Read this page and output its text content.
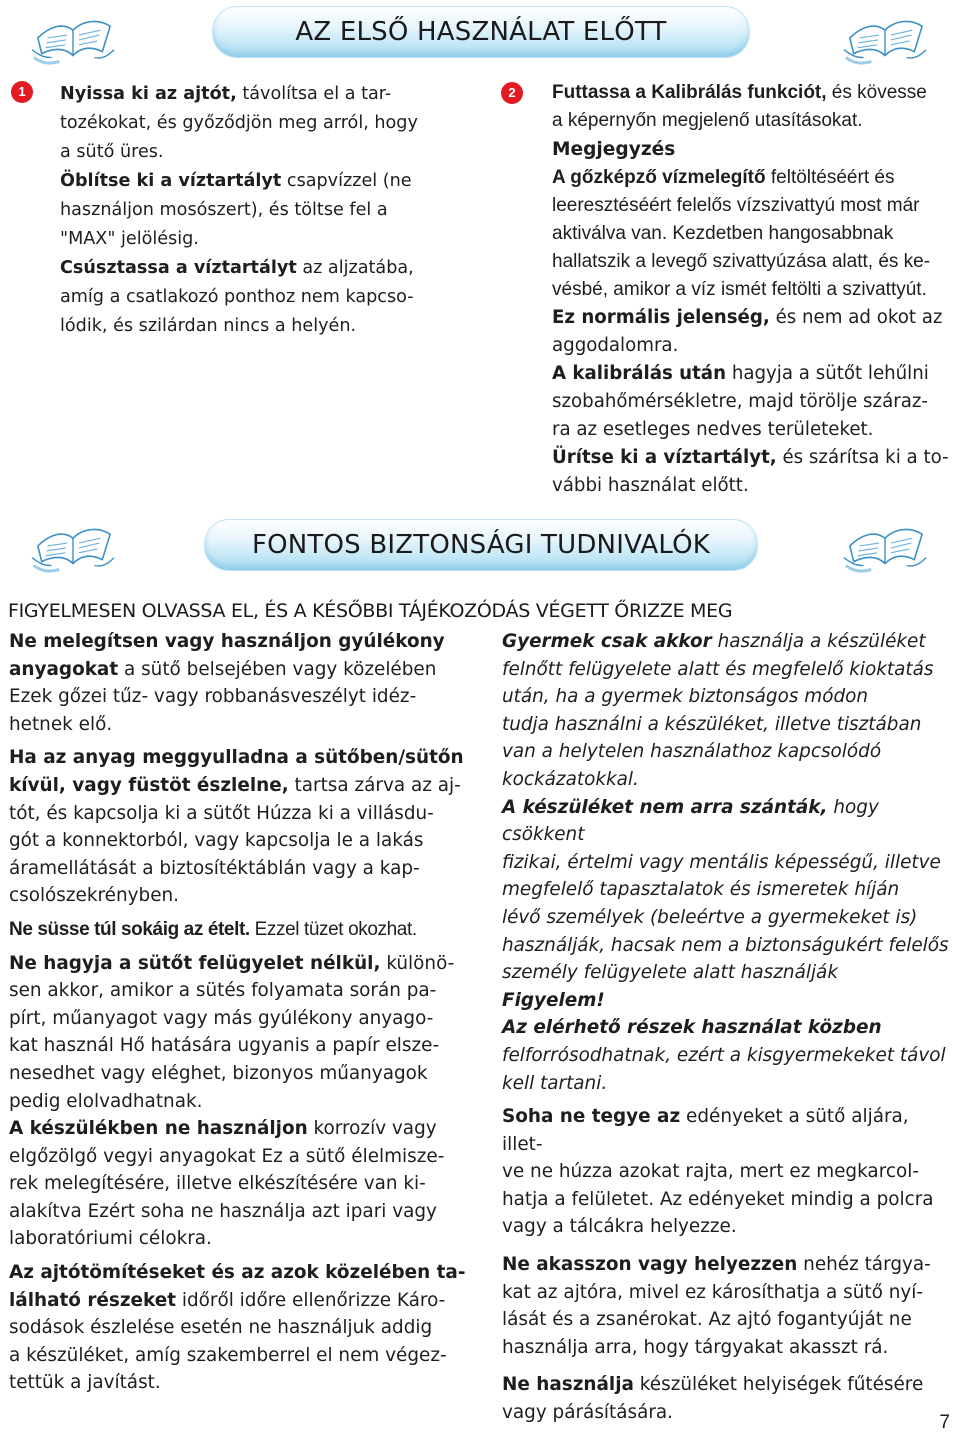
AZ ELSŐ HASZNÁLAT ELŐTT
1	Nyissa ki az ajtót, távolítsa el a tar-
tozékokat, és győződjön meg arról, hogy
a sütő üres.

Öblítse ki a víztartályt csapvízzel (ne
használjon mosószert), és töltse fel a
"MAX" jelölésig.

Csúsztassa a víztartályt az aljzatába,
amíg a csatlakozó ponthoz nem kapcso-
lódik, és szilárdan nincs a helyén.

2	Futtassa a Kalibrálás funkciót, és kövesse
a képernyőn megjelenő utasításokat.

Megjegyzés

A gőzképző vízmelegítő feltöltéséért és
leeresztéséért felelős vízszivattyú most már
aktiválva van. Kezdetben hangosabbnak
hallatszik a levegő szivattyúzása alatt, és ke-
vésbé, amikor a víz ismét feltölti a szivattyút.

Ez normális jelenség, és nem ad okot az
aggodalomra.
A kalibrálás után hagyja a sütőt lehűlni
szobahőmérsékletre, majd törölje száraz-
ra az esetleges nedves területeket.
Ürítse ki a víztartályt, és szárítsa ki a to-
vábbi használat előtt.

FONTOS BIZTONSÁGI TUDNIVALÓK
FIGYELMESEN OLVASSA EL, ÉS A KÉSŐBBI TÁJÉKOZÓDÁS VÉGETT ŐRIZZE MEG

Ne melegítsen vagy használjon gyúlékony
anyagokat a sütő belsejében vagy közelében
Ezek gőzei tűz- vagy robbanásveszélyt idéz-
hetnek elő.

Ha az anyag meggyulladna a sütőben/sütőn
kívül, vagy füstöt észlelne, tartsa zárva az aj-
tót, és kapcsolja ki a sütőt Húzza ki a villásdu-
gót a konnektorból, vagy kapcsolja le a lakás
áramellátását a biztosítéktáblán vagy a kap-
csolószekrényben.

Ne süsse túl sokáig az ételt. Ezzel tüzet okozhat.

Ne hagyja a sütőt felügyelet nélkül, különö-
sen akkor, amikor a sütés folyamata során pa-
pírt, műanyagot vagy más gyúlékony anyago-
kat használ Hő hatására ugyanis a papír elsze-
nesedhet vagy eléghet, bizonyos műanyagok
pedig elolvadhatnak.

A készülékben ne használjon korrozív vagy
elgőzölgő vegyi anyagokat Ez a sütő élelmisze-
rek melegítésére, illetve elkészítésére van ki-
alakítva Ezért soha ne használja azt ipari vagy
laboratóriumi célokra.

Az ajtótömítéseket és az azok közelében ta-
lálható részeket időről időre ellenőrizze Káro-
sodások észlelése esetén ne használjuk addig
a készüléket, amíg szakemberrel el nem végez-
tettük a javítást.

Gyermek csak akkor használja a készüléket
felnőtt felügyelete alatt és megfelelő kioktatás
után, ha a gyermek biztonságos módon
tudja használni a készüléket, illetve tisztában
van a helytelen használathoz kapcsolódó
kockázatokkal.

A készüléket nem arra szánták, hogy csökkent
fizikai, értelmi vagy mentális képességű, illetve
megfelelő tapasztalatok és ismeretek híján
lévő személyek (beleértve a gyermekeket is)
használják, hacsak nem a biztonságukért felelős
személy felügyelete alatt használják

Figyelem!
Az elérhető részek használat közben
felforrósodhatnak, ezért a kisgyermekeket távol
kell tartani.

Soha ne tegye az edényeket a sütő aljára, illet-
ve ne húzza azokat rajta, mert ez megkarcol-
hatja a felületet. Az edényeket mindig a polcra
vagy a tálcákra helyezze.

Ne akasszon vagy helyezzen nehéz tárgya-
kat az ajtóra, mivel ez károsíthatja a sütő nyí-
lását és a zsanérokat. Az ajtó fogantyúját ne
használja arra, hogy tárgyakat akasszt rá.

Ne használja készüléket helyiségek fűtésére
vagy párásítására.	7
